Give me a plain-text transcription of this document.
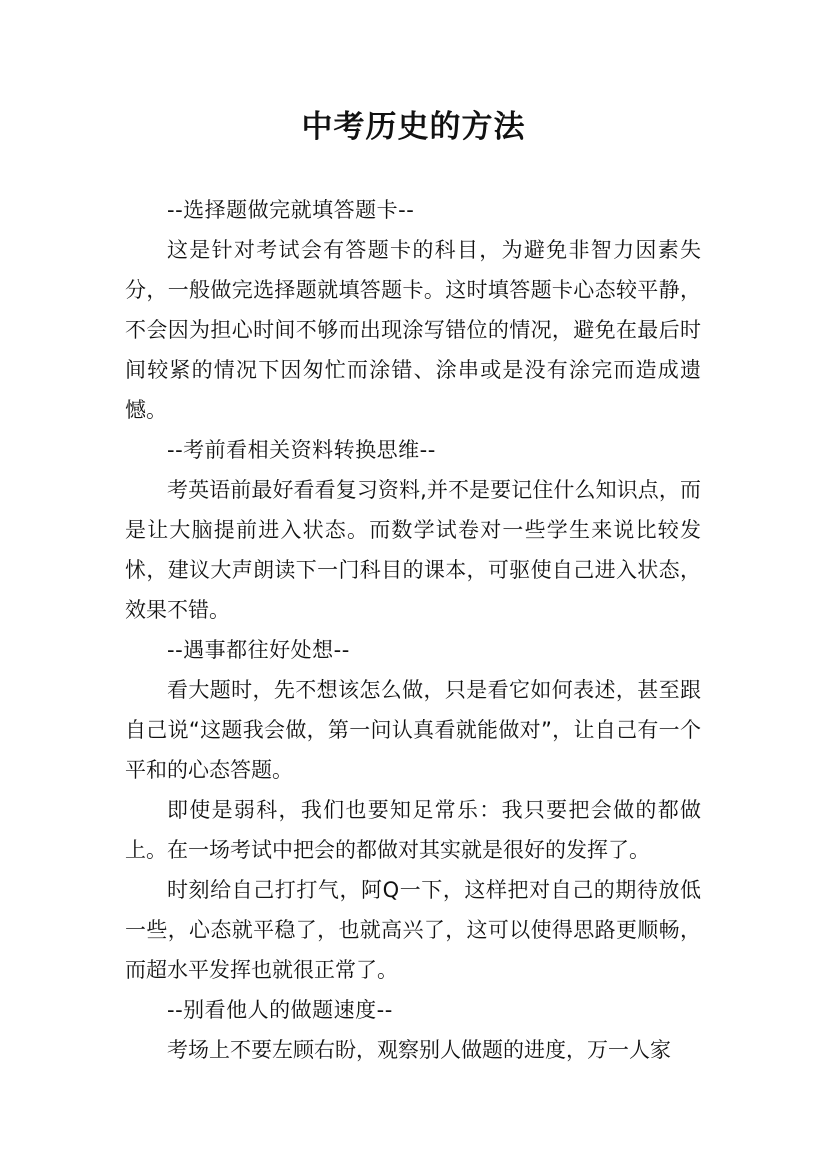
中考历史的方法

--选择题做完就填答题卡--

这是针对考试会有答题卡的科目，为避免非智力因素失分，一般做完选择题就填答题卡。这时填答题卡心态较平静，不会因为担心时间不够而出现涂写错位的情况，避免在最后时间较紧的情况下因匆忙而涂错、涂串或是没有涂完而造成遗憾。

--考前看相关资料转换思维--

考英语前最好看看复习资料,并不是要记住什么知识点，而是让大脑提前进入状态。而数学试卷对一些学生来说比较发怵，建议大声朗读下一门科目的课本，可驱使自己进入状态，效果不错。

--遇事都往好处想--

看大题时，先不想该怎么做，只是看它如何表述，甚至跟自己说“这题我会做，第一问认真看就能做对”，让自己有一个平和的心态答题。

即使是弱科，我们也要知足常乐：我只要把会做的都做上。在一场考试中把会的都做对其实就是很好的发挥了。

时刻给自己打打气，阿Q一下，这样把对自己的期待放低一些，心态就平稳了，也就高兴了，这可以使得思路更顺畅，而超水平发挥也就很正常了。

--别看他人的做题速度--

考场上不要左顾右盼，观察别人做题的进度，万一人家
